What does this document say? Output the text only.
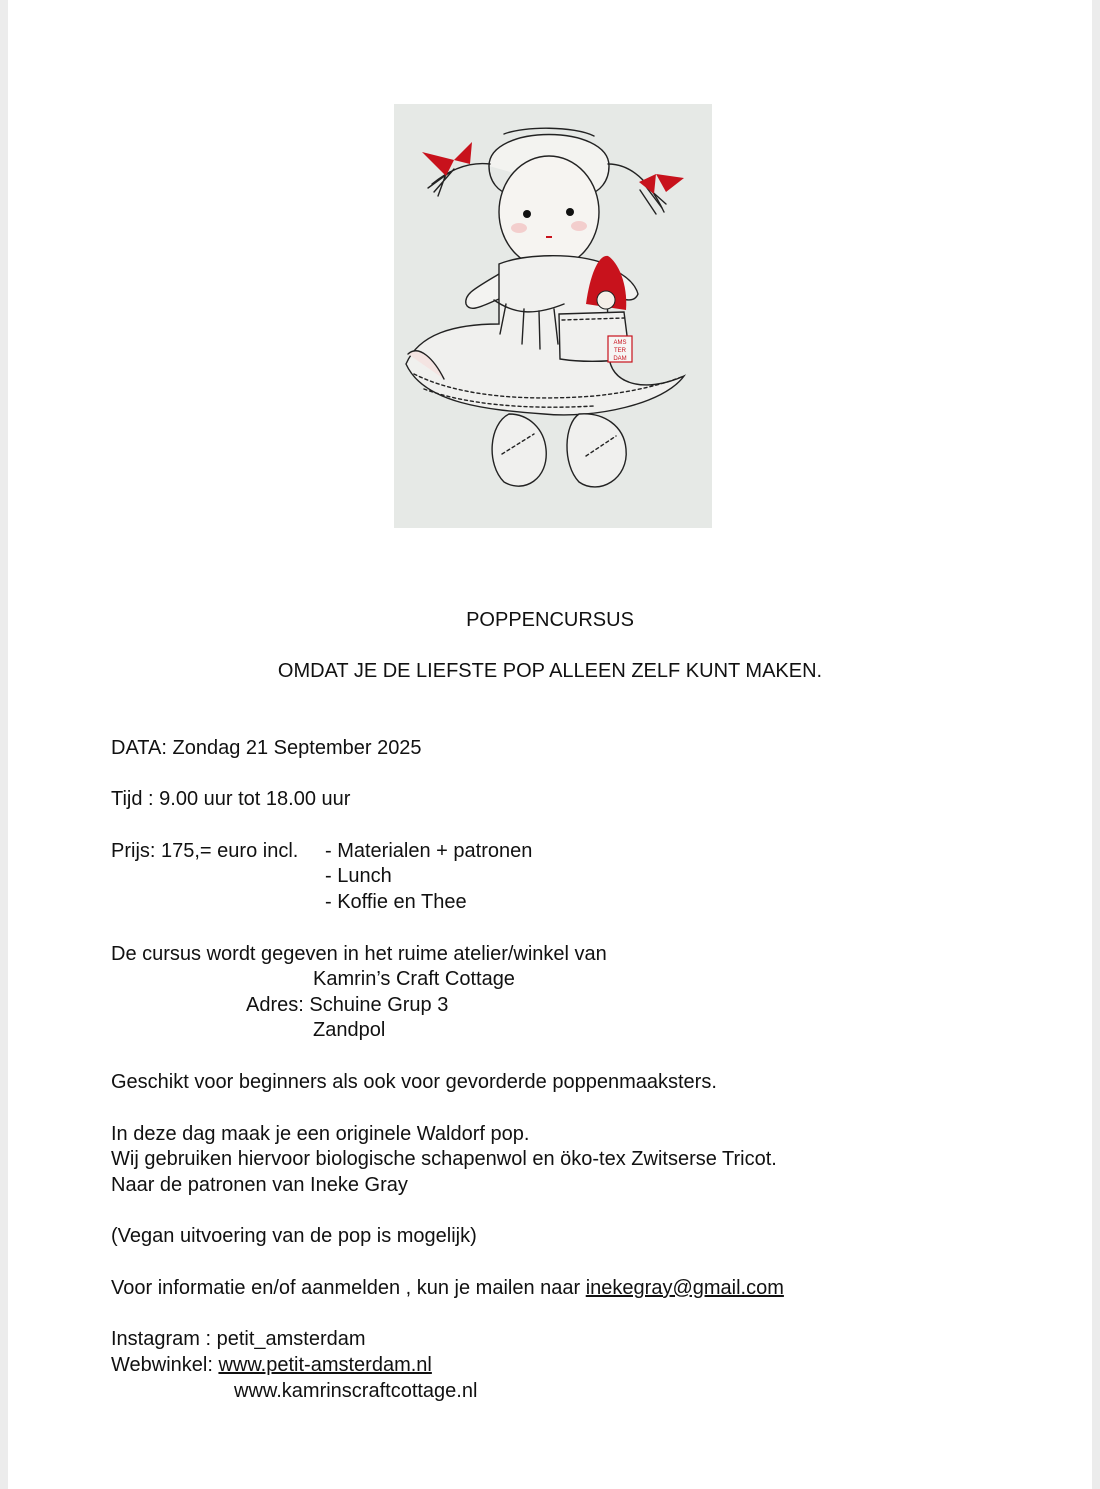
AMS
TER
DAM
POPPENCURSUS
OMDAT JE DE LIEFSTE POP ALLEEN ZELF KUNT MAKEN.
DATA: Zondag 21 September 2025
Tijd : 9.00 uur tot 18.00 uur
Prijs: 175,= euro incl. - Materialen + patronen
- Lunch
- Koffie en Thee
De cursus wordt gegeven in het ruime atelier/winkel van
Kamrin’s Craft Cottage
Adres: Schuine Grup 3
Zandpol
Geschikt voor beginners als ook voor gevorderde poppenmaaksters.
In deze dag maak je een originele Waldorf pop.
Wij gebruiken hiervoor biologische schapenwol en öko-tex Zwitserse Tricot.
Naar de patronen van Ineke Gray
(Vegan uitvoering van de pop is mogelijk)
Voor informatie en/of aanmelden , kun je mailen naar inekegray@gmail.com
Instagram : petit_amsterdam
Webwinkel: www.petit-amsterdam.nl
www.kamrinscraftcottage.nl
